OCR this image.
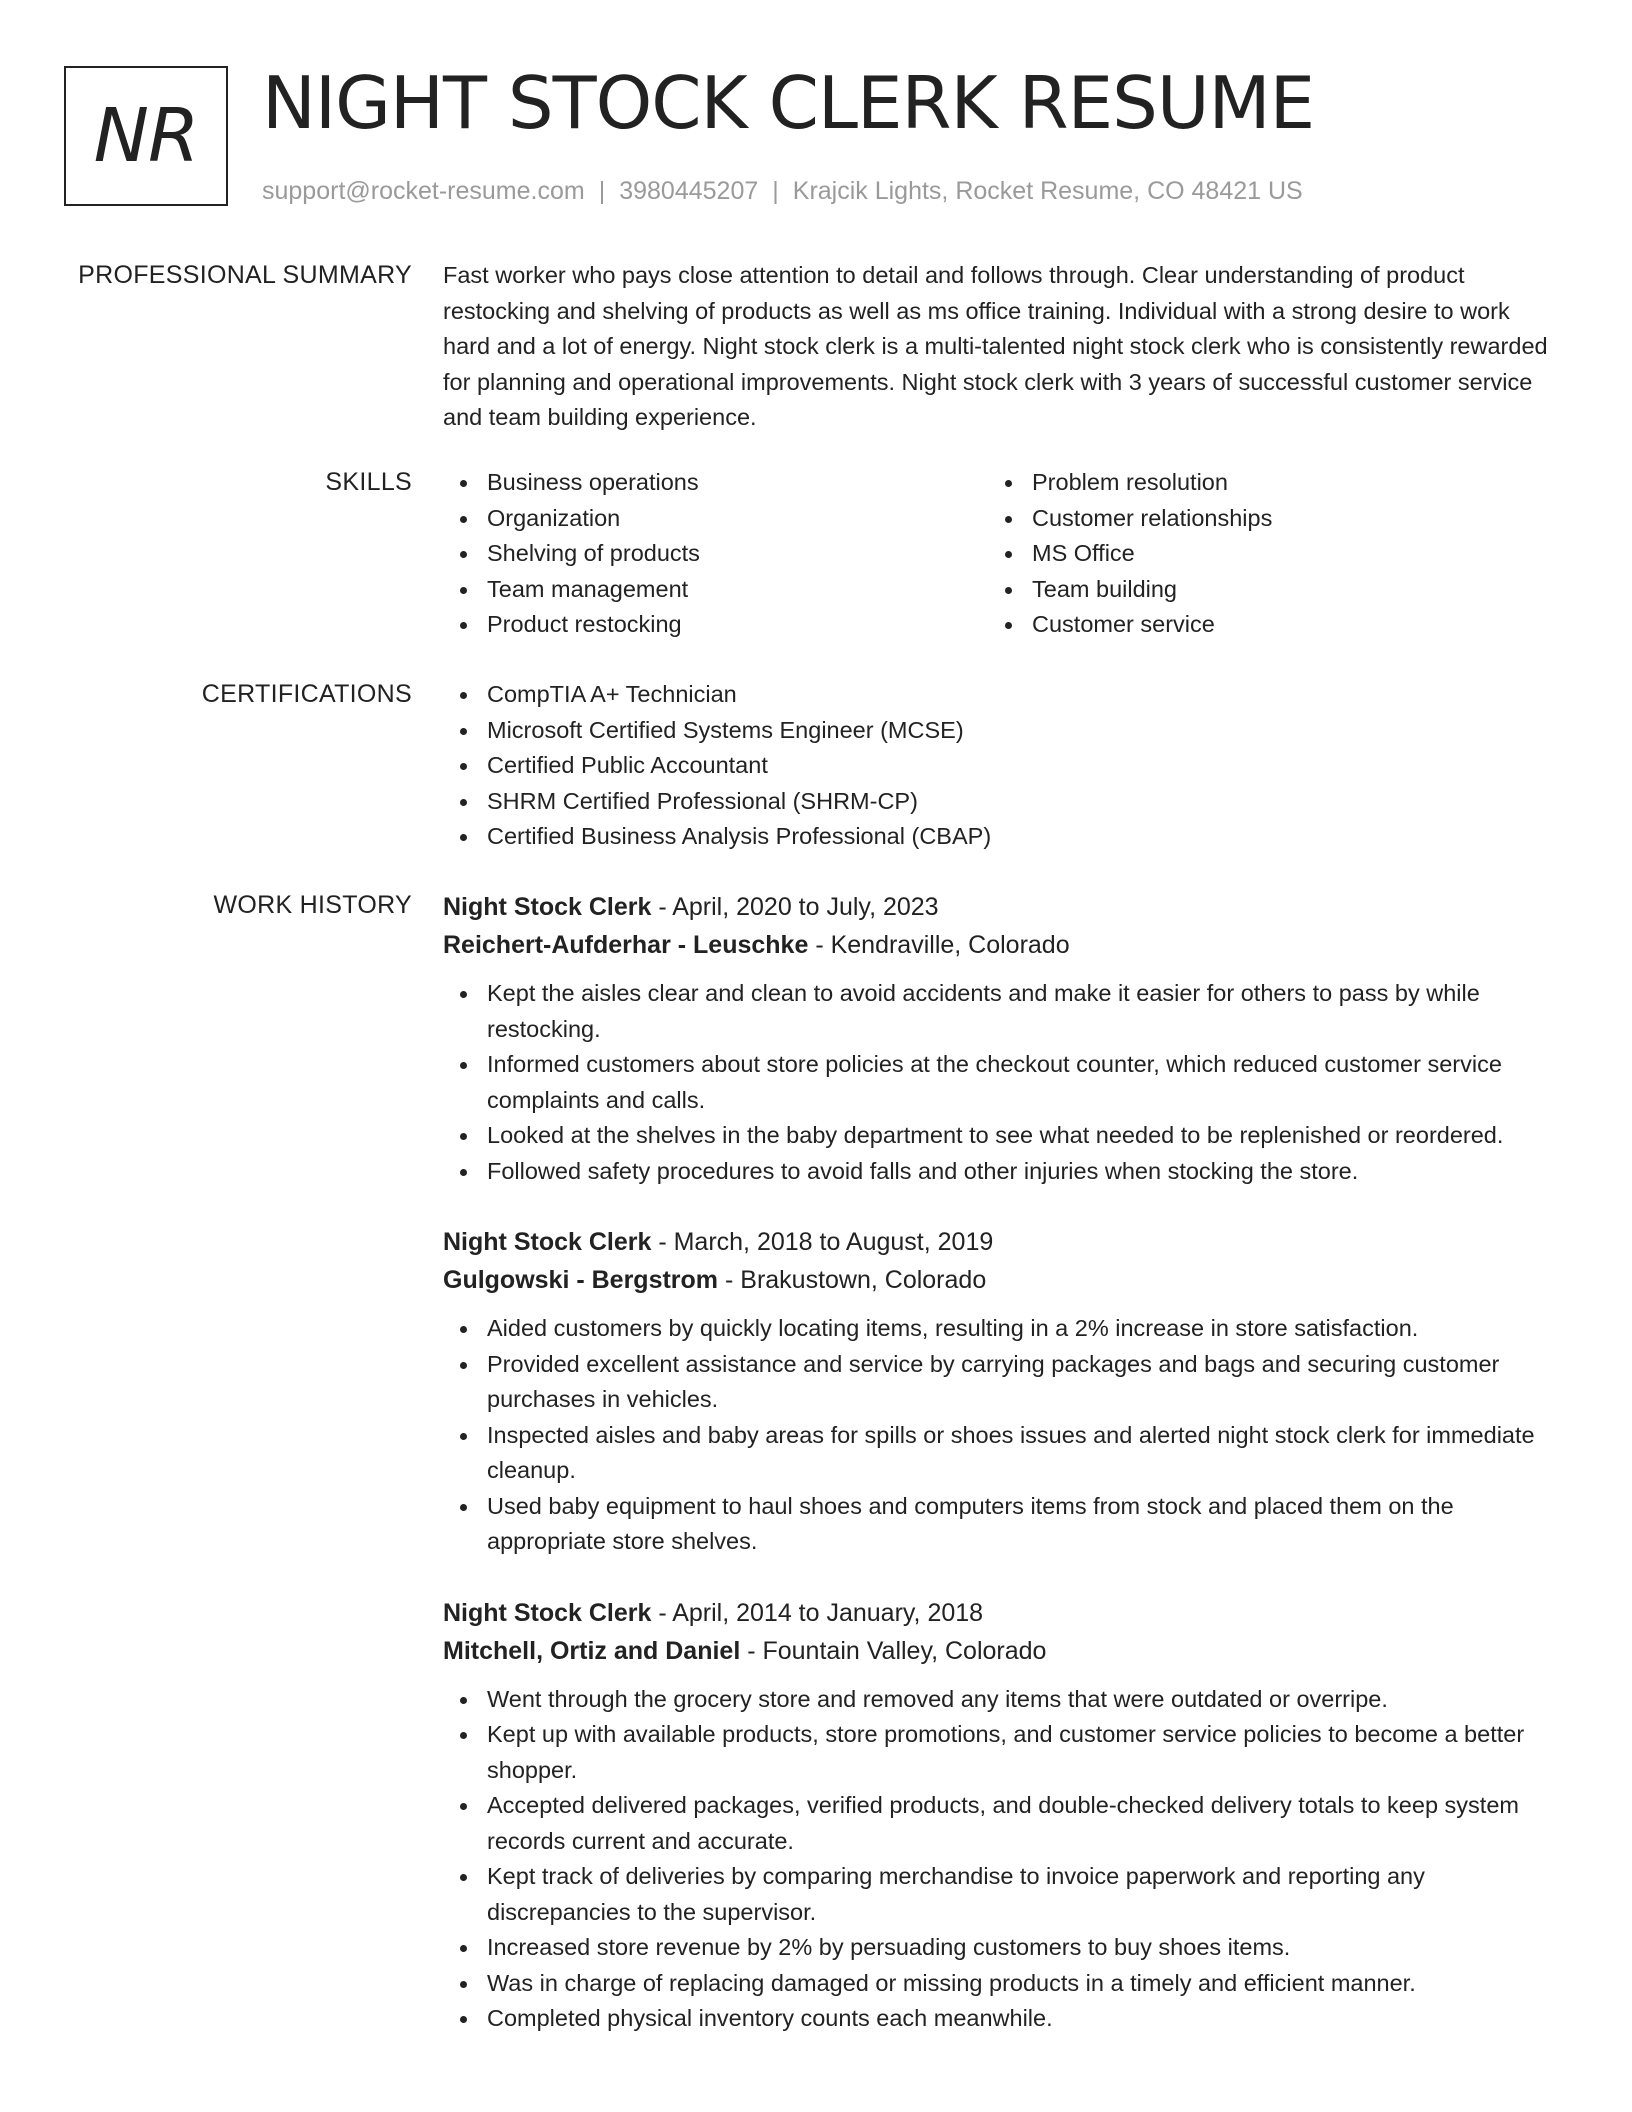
NR NIGHT STOCK CLERK RESUME
support@rocket-resume.com | 3980445207 | Krajcik Lights, Rocket Resume, CO 48421 US
PROFESSIONAL SUMMARY Fast worker who pays close attention to detail and follows through. Clear understanding of product restocking and shelving of products as well as ms office training. Individual with a strong desire to work hard and a lot of energy. Night stock clerk is a multi-talented night stock clerk who is consistently rewarded for planning and operational improvements. Night stock clerk with 3 years of successful customer service and team building experience.
SKILLS	Business operations
Organization
Shelving of products
Team management
Product restocking
Problem resolution
Customer relationships
MS Office
Team building
Customer service
CERTIFICATIONS	CompTIA A+ Technician
Microsoft Certified Systems Engineer (MCSE)
Certified Public Accountant
SHRM Certified Professional (SHRM-CP)
Certified Business Analysis Professional (CBAP)
WORK HISTORY Night Stock Clerk - April, 2020 to July, 2023
Reichert-Aufderhar - Leuschke - Kendraville, Colorado
Kept the aisles clear and clean to avoid accidents and make it easier for others to pass by while restocking.
Informed customers about store policies at the checkout counter, which reduced customer service complaints and calls.
Looked at the shelves in the baby department to see what needed to be replenished or reordered.
Followed safety procedures to avoid falls and other injuries when stocking the store.
Night Stock Clerk - March, 2018 to August, 2019
Gulgowski - Bergstrom - Brakustown, Colorado
Aided customers by quickly locating items, resulting in a 2% increase in store satisfaction.
Provided excellent assistance and service by carrying packages and bags and securing customer purchases in vehicles.
Inspected aisles and baby areas for spills or shoes issues and alerted night stock clerk for immediate cleanup.
Used baby equipment to haul shoes and computers items from stock and placed them on the appropriate store shelves.
Night Stock Clerk - April, 2014 to January, 2018
Mitchell, Ortiz and Daniel - Fountain Valley, Colorado
Went through the grocery store and removed any items that were outdated or overripe.
Kept up with available products, store promotions, and customer service policies to become a better shopper.
Accepted delivered packages, verified products, and double-checked delivery totals to keep system records current and accurate.
Kept track of deliveries by comparing merchandise to invoice paperwork and reporting any discrepancies to the supervisor.
Increased store revenue by 2% by persuading customers to buy shoes items.
Was in charge of replacing damaged or missing products in a timely and efficient manner.
Completed physical inventory counts each meanwhile.
